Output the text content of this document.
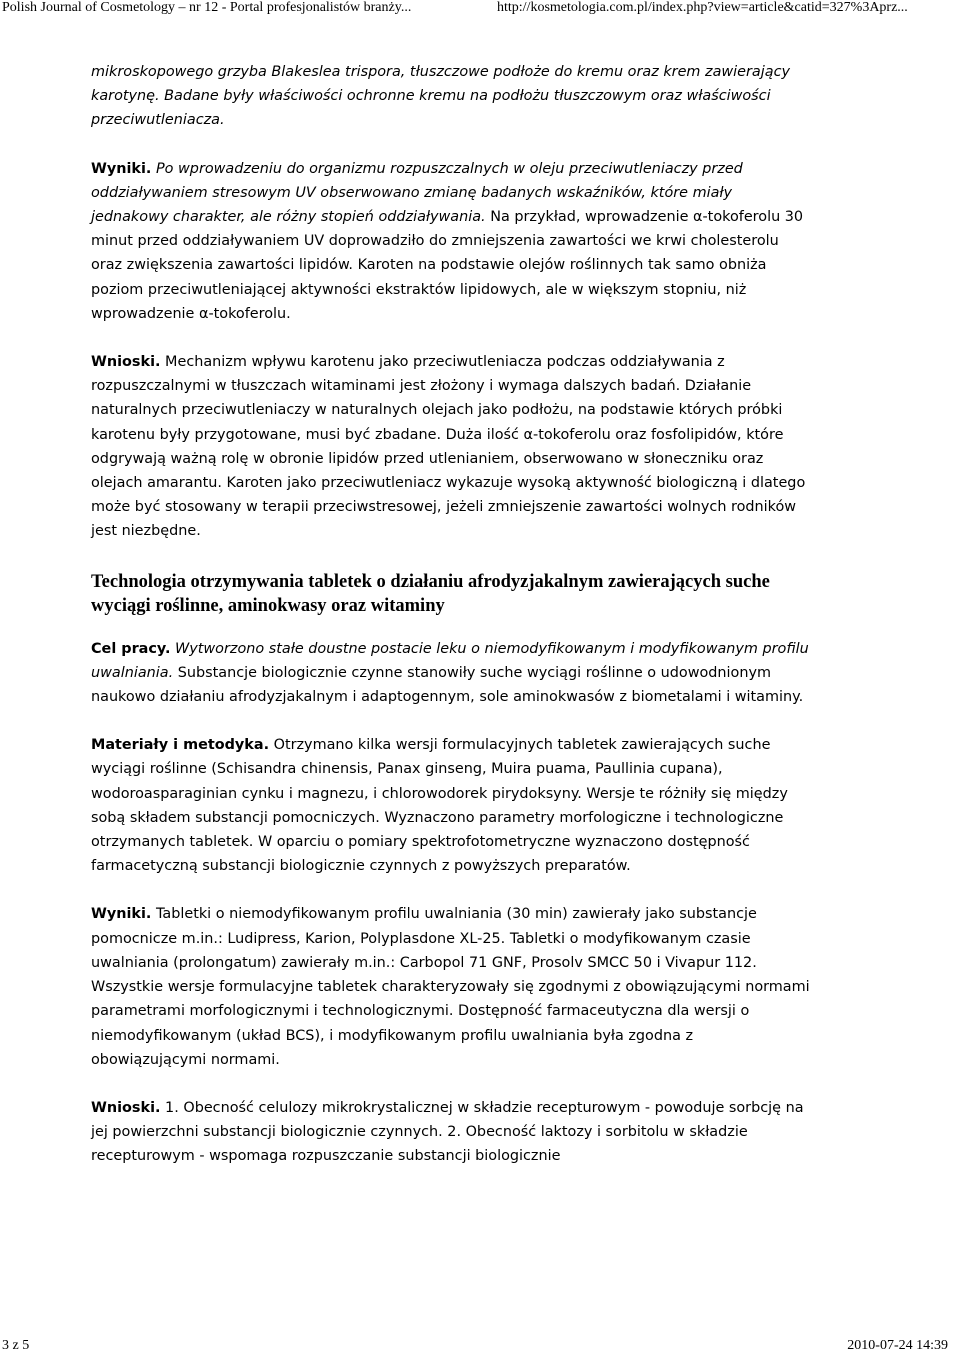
Polish Journal of Cosmetology – nr 12 - Portal profesjonalistów branży...	http://kosmetologia.com.pl/index.php?view=article&catid=327%3Aprz...

mikroskopowego grzyba Blakeslea trispora, tłuszczowe podłoże do kremu oraz krem zawierający karotynę. Badane były właściwości ochronne kremu na podłożu tłuszczowym oraz właściwości przeciwutleniacza.

Wyniki. Po wprowadzeniu do organizmu rozpuszczalnych w oleju przeciwutleniaczy przed oddziaływaniem stresowym UV obserwowano zmianę badanych wskaźników, które miały jednakowy charakter, ale różny stopień oddziaływania. Na przykład, wprowadzenie α-tokoferolu 30 minut przed oddziaływaniem UV doprowadziło do zmniejszenia zawartości we krwi cholesterolu oraz zwiększenia zawartości lipidów. Karoten na podstawie olejów roślinnych tak samo obniża poziom przeciwutleniającej aktywności ekstraktów lipidowych, ale w większym stopniu, niż wprowadzenie α-tokoferolu.

Wnioski. Mechanizm wpływu karotenu jako przeciwutleniacza podczas oddziaływania z rozpuszczalnymi w tłuszczach witaminami jest złożony i wymaga dalszych badań. Działanie naturalnych przeciwutleniaczy w naturalnych olejach jako podłożu, na podstawie których próbki karotenu były przygotowane, musi być zbadane. Duża ilość α-tokoferolu oraz fosfolipidów, które odgrywają ważną rolę w obronie lipidów przed utlenianiem, obserwowano w słoneczniku oraz olejach amarantu. Karoten jako przeciwutleniacz wykazuje wysoką aktywność biologiczną i dlatego może być stosowany w terapii przeciwstresowej, jeżeli zmniejszenie zawartości wolnych rodników jest niezbędne.

Technologia otrzymywania tabletek o działaniu afrodyzjakalnym zawierających suche wyciągi roślinne, aminokwasy oraz witaminy

Cel pracy. Wytworzono stałe doustne postacie leku o niemodyfikowanym i modyfikowanym profilu uwalniania. Substancje biologicznie czynne stanowiły suche wyciągi roślinne o udowodnionym naukowo działaniu afrodyzjakalnym i adaptogennym, sole aminokwasów z biometalami i witaminy.

Materiały i metodyka. Otrzymano kilka wersji formulacyjnych tabletek zawierających suche wyciągi roślinne (Schisandra chinensis, Panax ginseng, Muira puama, Paullinia cupana), wodoroasparaginian cynku i magnezu, i chlorowodorek pirydoksyny. Wersje te różniły się między sobą składem substancji pomocniczych. Wyznaczono parametry morfologiczne i technologiczne otrzymanych tabletek. W oparciu o pomiary spektrofotometryczne wyznaczono dostępność farmacetyczną substancji biologicznie czynnych z powyższych preparatów.

Wyniki. Tabletki o niemodyfikowanym profilu uwalniania (30 min) zawierały jako substancje pomocnicze m.in.: Ludipress, Karion, Polyplasdone XL-25. Tabletki o modyfikowanym czasie uwalniania (prolongatum) zawierały m.in.: Carbopol 71 GNF, Prosolv SMCC 50 i Vivapur 112. Wszystkie wersje formulacyjne tabletek charakteryzowały się zgodnymi z obowiązującymi normami parametrami morfologicznymi i technologicznymi. Dostępność farmaceutyczna dla wersji o niemodyfikowanym (układ BCS), i modyfikowanym profilu uwalniania była zgodna z obowiązującymi normami.

Wnioski. 1. Obecność celulozy mikrokrystalicznej w składzie recepturowym - powoduje sorbcję na jej powierzchni substancji biologicznie czynnych. 2. Obecność laktozy i sorbitolu w składzie recepturowym - wspomaga rozpuszczanie substancji biologicznie

3 z 5	2010-07-24 14:39
